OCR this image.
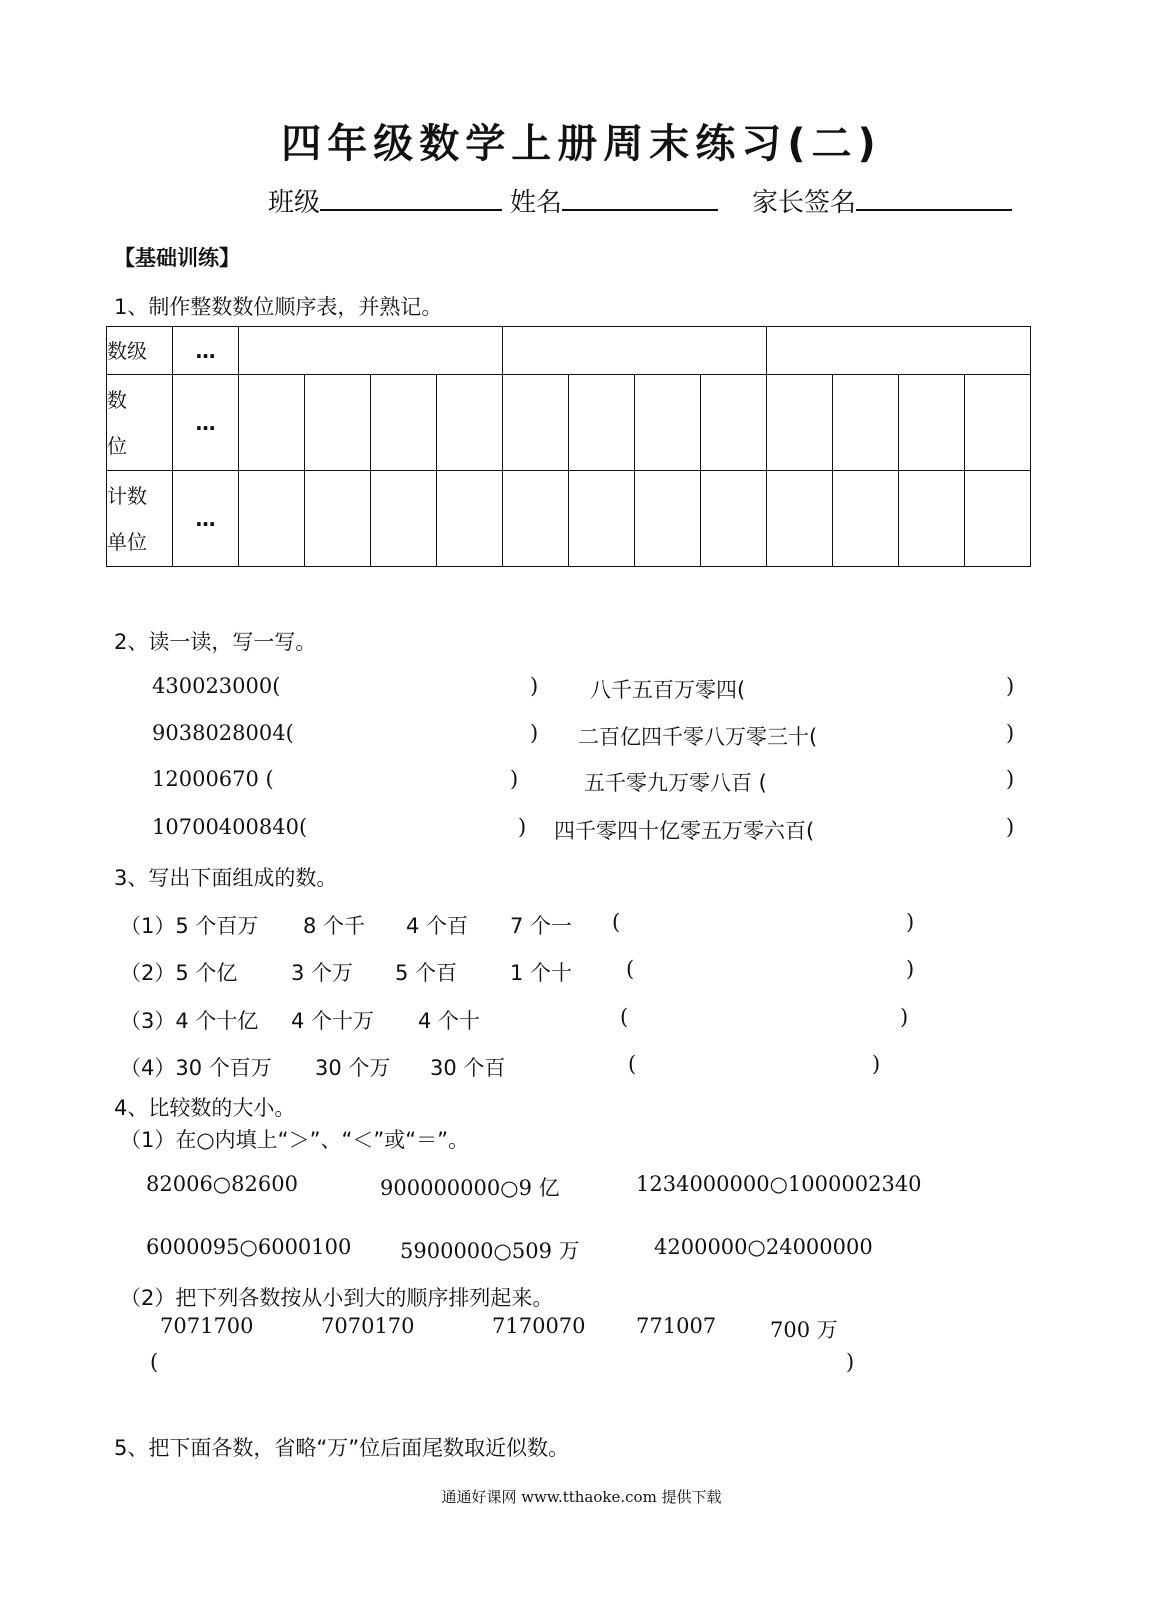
四年级数学上册周末练习(二)
班级	姓名	家长签名
【基础训练】
1、制作整数数位顺序表，并熟记。
数级	…												
数
位	…												
计数
单位	…												
2、读一读，写一写。
430023000(	) 八千五百万零四(	)
9038028004(	) 二百亿四千零八万零三十(	)
12000670 (	)	五千零九万零八百 (	)
10700400840(	) 四千零四十亿零五万零六百(	)
3、写出下面组成的数。
（1）5 个百万 8 个千 4 个百 7 个一 (	)
（2）5 个亿	3 个万 5 个百	1 个十	(	)
（3）4 个十亿 4 个十万 4 个十	(	)
（4）30 个百万 30 个万 30 个百	(	)
4、比较数的大小。
（1）在○内填上“＞”、“＜”或“＝”。
82006○82600	900000000○9 亿	1234000000○1000002340
6000095○6000100 5900000○509 万	4200000○24000000
（2）把下列各数按从小到大的顺序排列起来。
7071700	7070170	7170070 771007	700 万
(	)
5、把下面各数，省略“万”位后面尾数取近似数。
通通好课网 www.tthaoke.com 提供下载
